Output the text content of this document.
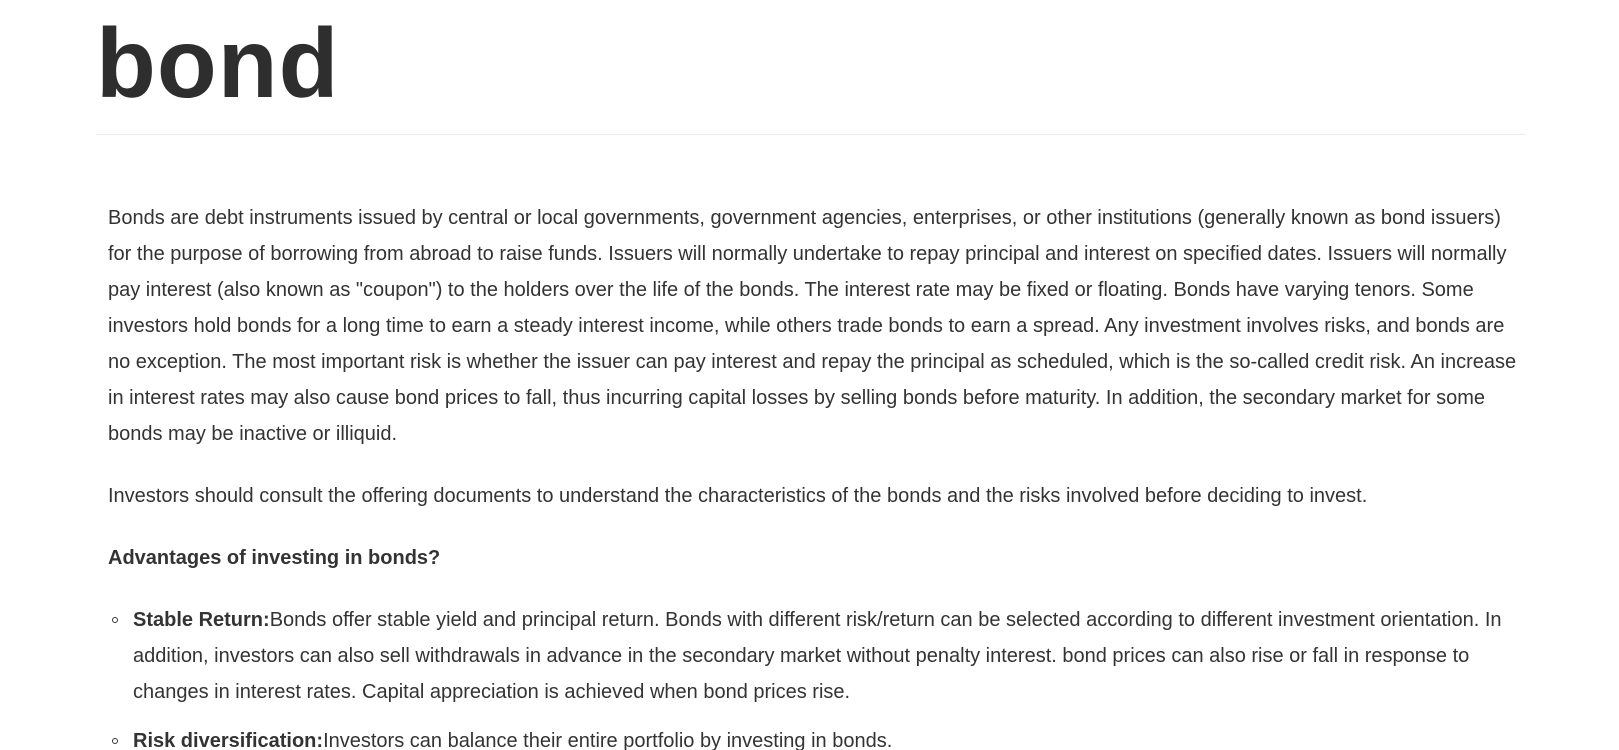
bond

Bonds are debt instruments issued by central or local governments, government agencies, enterprises, or other institutions (generally known as bond issuers) for the purpose of borrowing from abroad to raise funds. Issuers will normally undertake to repay principal and interest on specified dates. Issuers will normally pay interest (also known as "coupon") to the holders over the life of the bonds. The interest rate may be fixed or floating. Bonds have varying tenors. Some investors hold bonds for a long time to earn a steady interest income, while others trade bonds to earn a spread. Any investment involves risks, and bonds are no exception. The most important risk is whether the issuer can pay interest and repay the principal as scheduled, which is the so-called credit risk. An increase in interest rates may also cause bond prices to fall, thus incurring capital losses by selling bonds before maturity. In addition, the secondary market for some bonds may be inactive or illiquid.

Investors should consult the offering documents to understand the characteristics of the bonds and the risks involved before deciding to invest.

Advantages of investing in bonds?

Stable Return:Bonds offer stable yield and principal return. Bonds with different risk/return can be selected according to different investment orientation. In addition, investors can also sell withdrawals in advance in the secondary market without penalty interest. bond prices can also rise or fall in response to changes in interest rates. Capital appreciation is achieved when bond prices rise.
Risk diversification:Investors can balance their entire portfolio by investing in bonds.
